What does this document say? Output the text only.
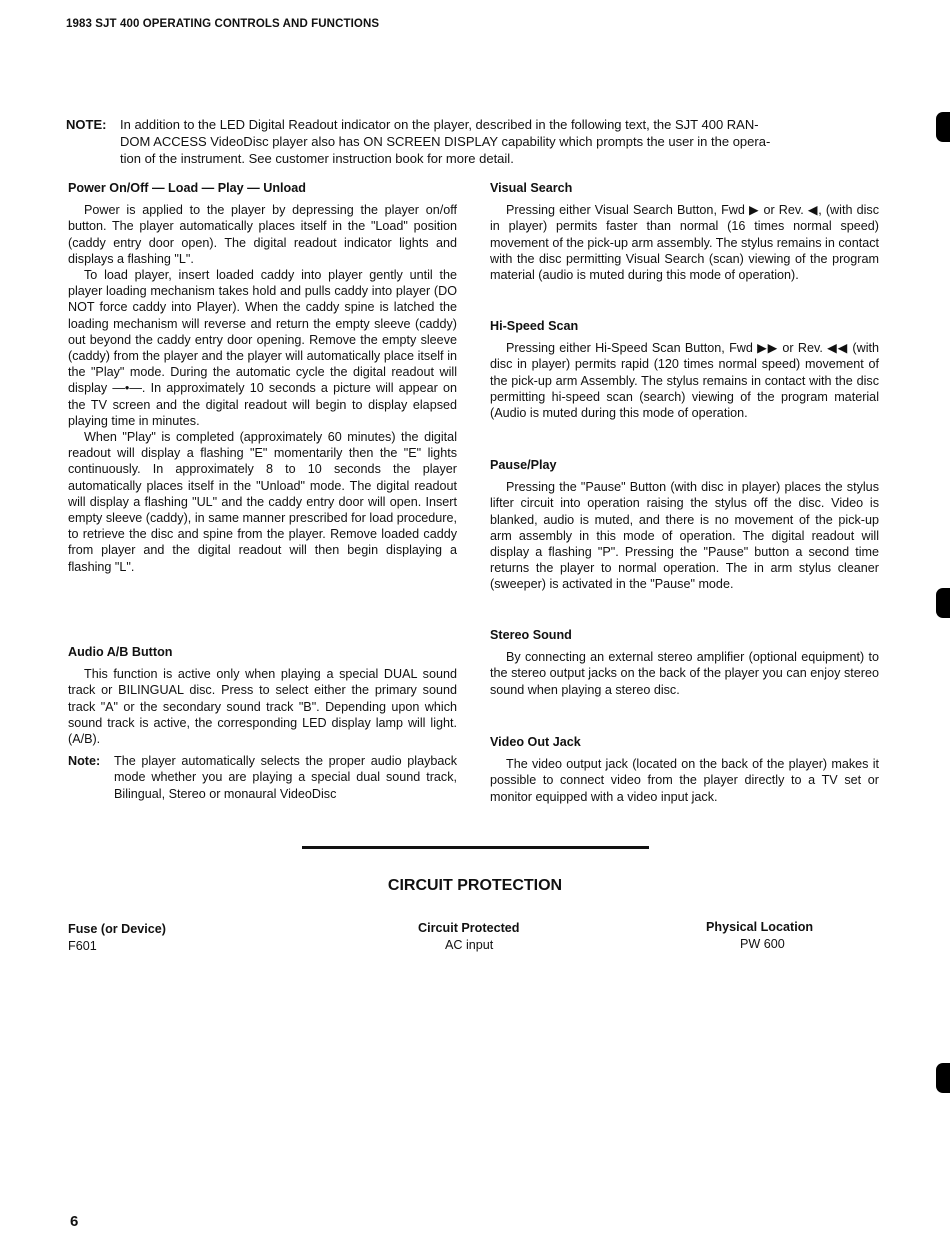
1983 SJT 400 OPERATING CONTROLS AND FUNCTIONS
NOTE: In addition to the LED Digital Readout indicator on the player, described in the following text, the SJT 400 RAN-
DOM ACCESS VideoDisc player also has ON SCREEN DISPLAY capability which prompts the user in the opera-
tion of the instrument. See customer instruction book for more detail.
Power On/Off — Load — Play — Unload

Power is applied to the player by depressing the player on/off button. The player automatically places itself in the "Load" position (caddy entry door open). The digital readout indicator lights and displays a flashing "L".

To load player, insert loaded caddy into player gently until the player loading mechanism takes hold and pulls caddy into player (DO NOT force caddy into Player). When the caddy spine is latched the loading mechanism will reverse and return the empty sleeve (caddy) out beyond the caddy entry door opening. Remove the empty sleeve (caddy) from the player and the player will automatically place itself in the "Play" mode. During the automatic cycle the digital readout will display —•—. In approximately 10 seconds a picture will appear on the TV screen and the digital readout will begin to display elapsed playing time in minutes.

When "Play" is completed (approximately 60 minutes) the digital readout will display a flashing "E" momentarily then the "E" lights continuously. In approximately 8 to 10 seconds the player automatically places itself in the "Unload" mode. The digital readout will display a flashing "UL" and the caddy entry door will open. Insert empty sleeve (caddy), in same manner prescribed for load procedure, to retrieve the disc and spine from the player. Remove loaded caddy from player and the digital readout will then begin displaying a flashing "L".

Audio A/B Button

This function is active only when playing a special DUAL sound track or BILINGUAL disc. Press to select either the primary sound track "A" or the secondary sound track "B". Depending upon which sound track is active, the corresponding LED display lamp will light. (A/B).

Note:	The player automatically selects the proper audio playback mode whether you are playing a special dual sound track, Bilingual, Stereo or monaural VideoDisc
Visual Search

Pressing either Visual Search Button, Fwd ▶ or Rev. ◀, (with disc in player) permits faster than normal (16 times normal speed) movement of the pick-up arm assembly. The stylus remains in contact with the disc permitting Visual Search (scan) viewing of the program material (audio is muted during this mode of operation).

Hi-Speed Scan

Pressing either Hi-Speed Scan Button, Fwd ▶▶ or Rev. ◀◀ (with disc in player) permits rapid (120 times normal speed) movement of the pick-up arm Assembly. The stylus remains in contact with the disc permitting hi-speed scan (search) viewing of the program material (Audio is muted during this mode of operation.

Pause/Play

Pressing the "Pause" Button (with disc in player) places the stylus lifter circuit into operation raising the stylus off the disc. Video is blanked, audio is muted, and there is no movement of the pick-up arm assembly in this mode of operation. The digital readout will display a flashing "P". Pressing the "Pause" button a second time returns the player to normal operation. The in arm stylus cleaner (sweeper) is activated in the "Pause" mode.

Stereo Sound

By connecting an external stereo amplifier (optional equipment) to the stereo output jacks on the back of the player you can enjoy stereo sound when playing a stereo disc.

Video Out Jack

The video output jack (located on the back of the player) makes it possible to connect video from the player directly to a TV set or monitor equipped with a video input jack.

CIRCUIT PROTECTION
Fuse (or Device)
F601
Circuit Protected
AC input
Physical Location
PW 600
6
